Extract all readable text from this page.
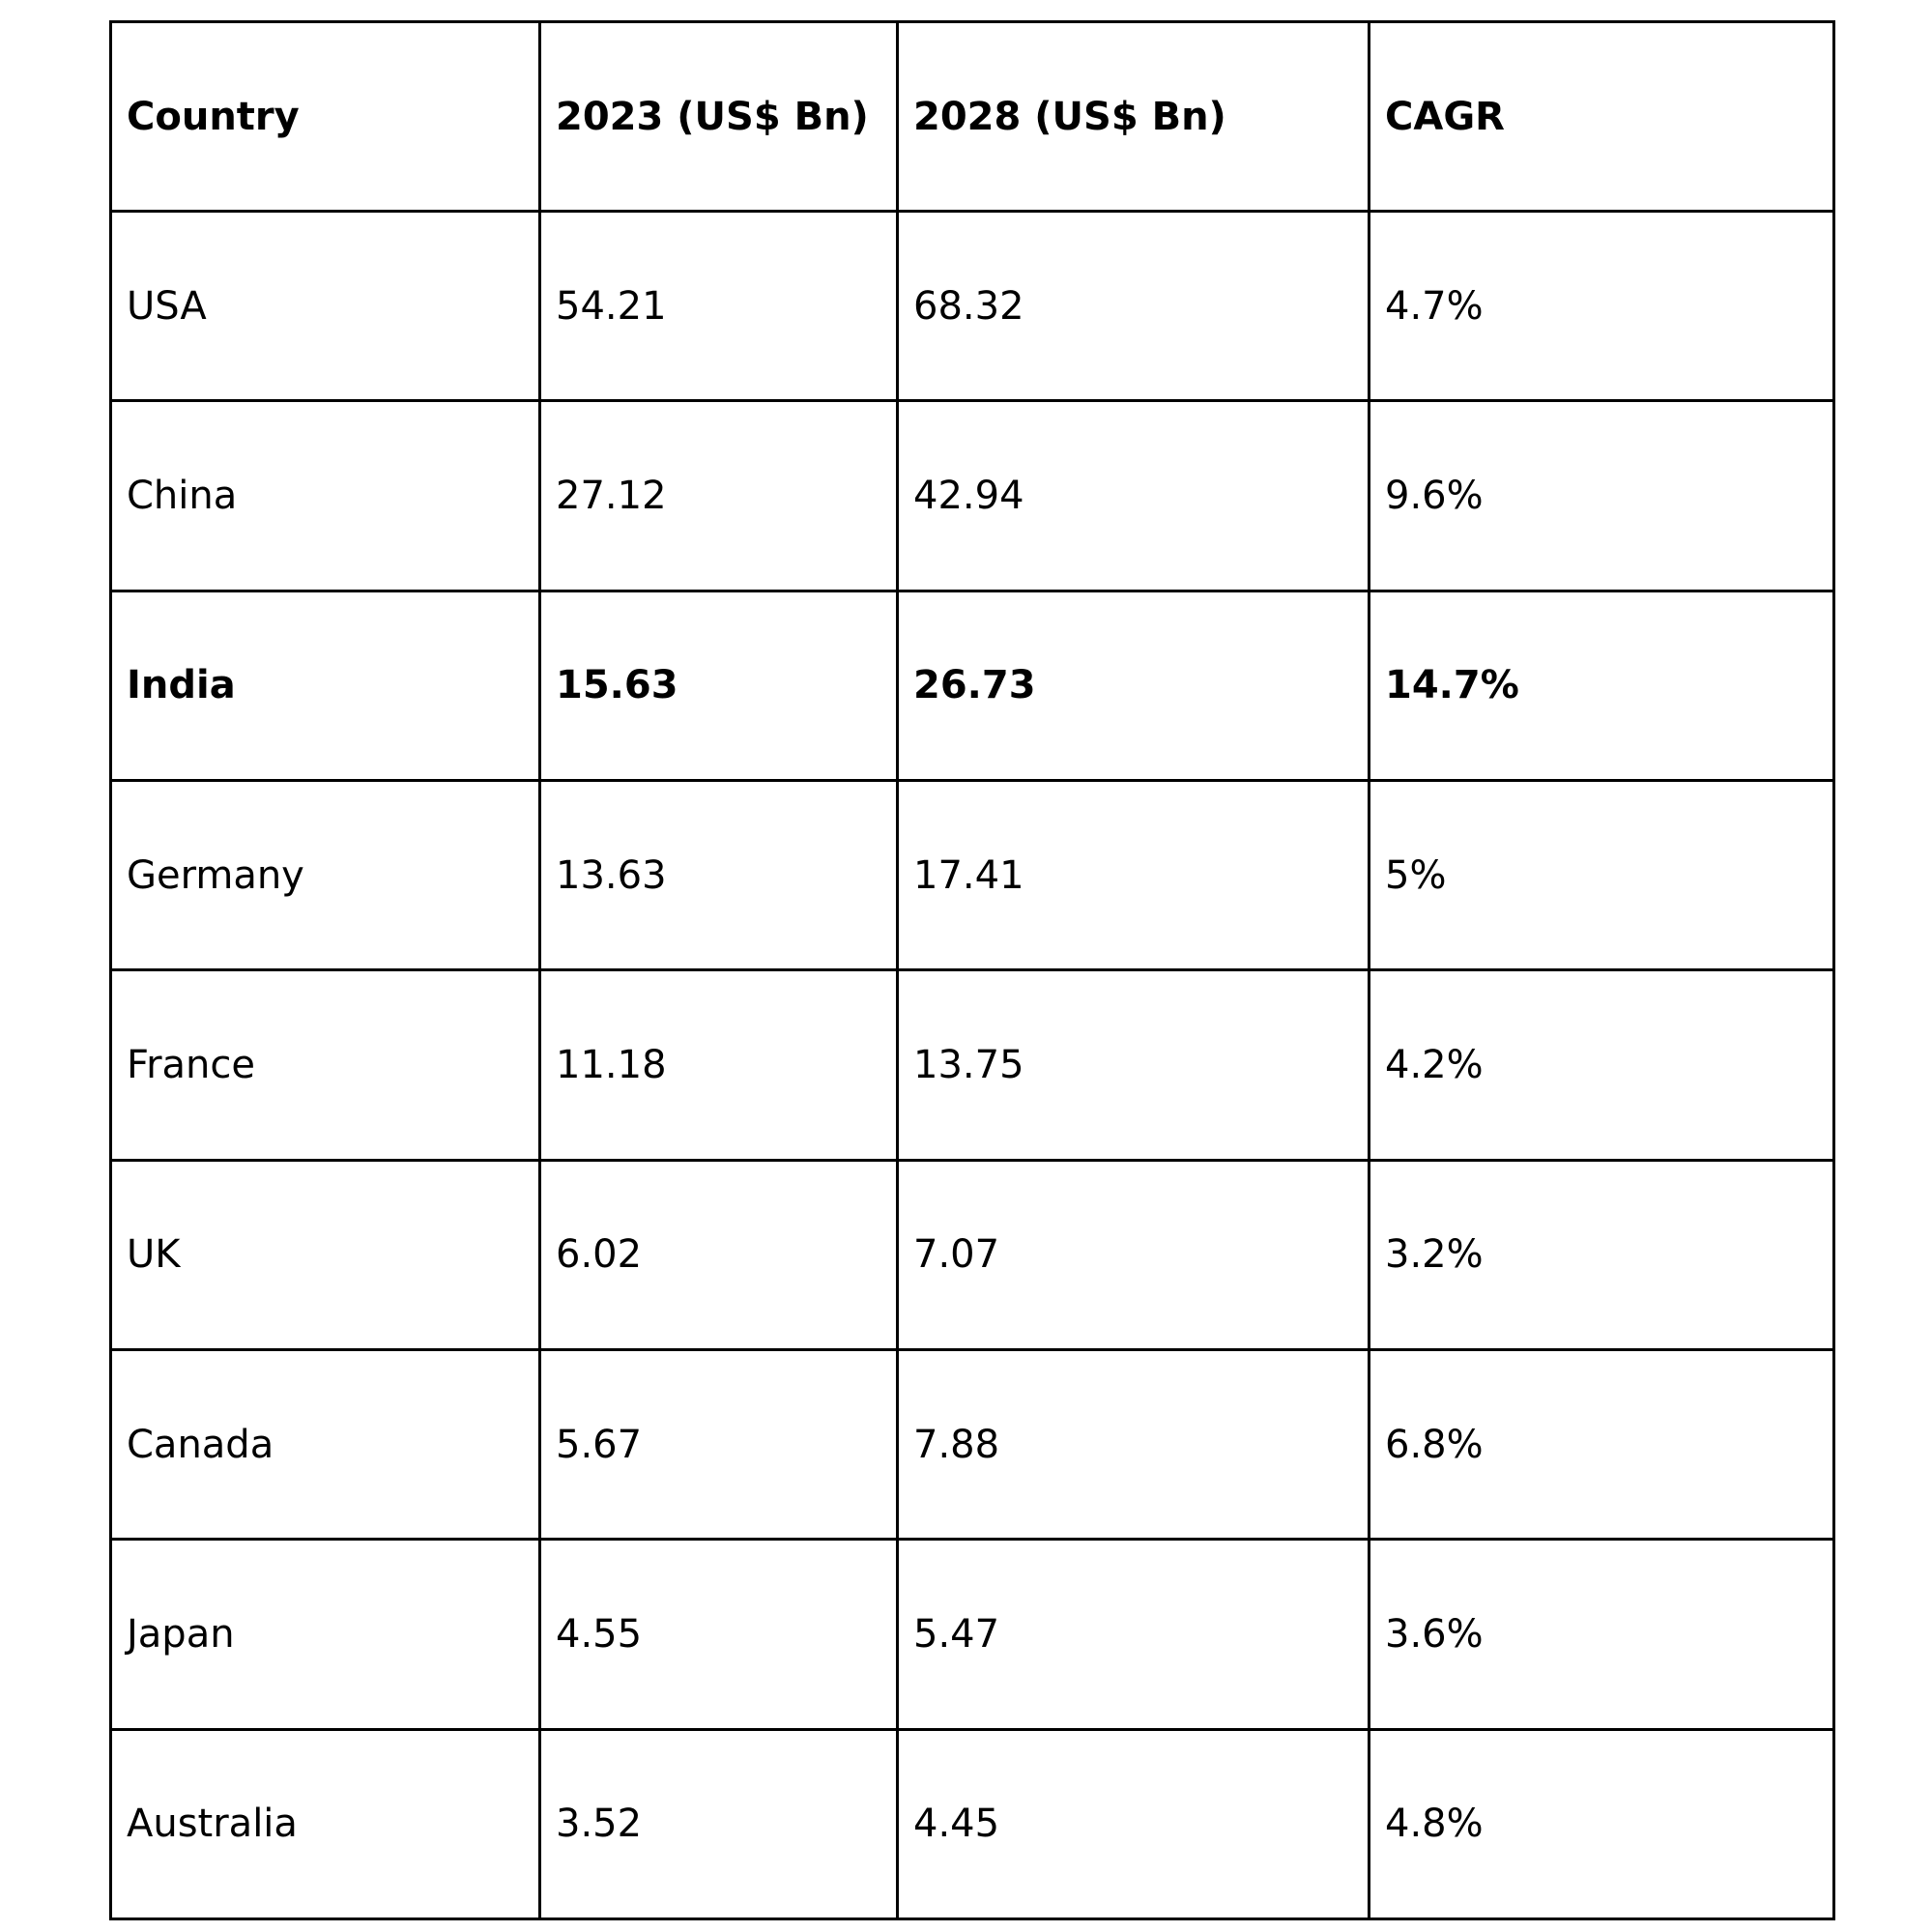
Country	2023 (US$ Bn)	2028 (US$ Bn)	CAGR
USA	54.21	68.32	4.7%
China	27.12	42.94	9.6%
India	15.63	26.73	14.7%
Germany	13.63	17.41	5%
France	11.18	13.75	4.2%
UK	6.02	7.07	3.2%
Canada	5.67	7.88	6.8%
Japan	4.55	5.47	3.6%
Australia	3.52	4.45	4.8%
